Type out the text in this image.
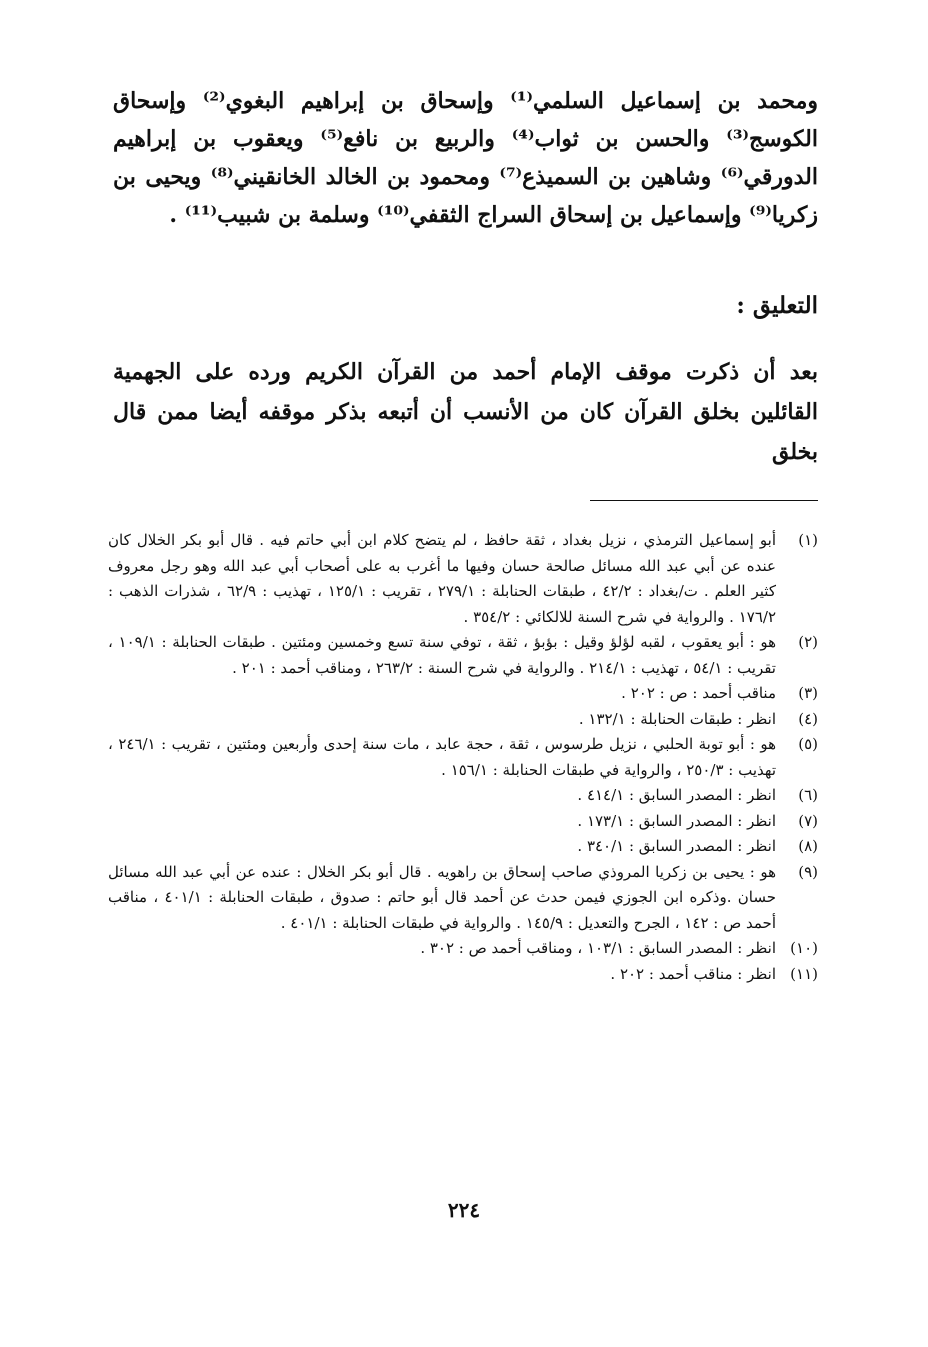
ومحمد بن إسماعيل السلمي⁽¹⁾ وإسحاق بن إبراهيم البغوي⁽²⁾ وإسحاق الكوسج⁽³⁾ والحسن بن ثواب⁽⁴⁾ والربيع بن نافع⁽⁵⁾ ويعقوب بن إبراهيم الدورقي⁽⁶⁾ وشاهين بن السميذع⁽⁷⁾ ومحمود بن الخالد الخانقيني⁽⁸⁾ ويحيى بن زكريا⁽⁹⁾ وإسماعيل بن إسحاق السراج الثقفي⁽¹⁰⁾ وسلمة بن شبيب⁽¹¹⁾ .

التعليق :

بعد أن ذكرت موقف الإمام أحمد من القرآن الكريم ورده على الجهمية القائلين بخلق القرآن كان من الأنسب أن أتبعه بذكر موقفه أيضا ممن قال بخلق

(١)
أبو إسماعيل الترمذي ، نزيل بغداد ، ثقة حافظ ، لم يتضح كلام ابن أبي حاتم فيه . قال أبو بكر الخلال كان عنده عن أبي عبد الله مسائل صالحة حسان وفيها ما أغرب به على أصحاب أبي عبد الله وهو رجل معروف كثير العلم . ت/بغداد : ٤٢/٢ ، طبقات الحنابلة : ٢٧٩/١ ، تقريب : ١٢٥/١ ، تهذيب : ٦٢/٩ ، شذرات الذهب : ١٧٦/٢ . والرواية في شرح السنة للالكائي : ٣٥٤/٢ .
(٢)
هو : أبو يعقوب ، لقبه لؤلؤ وقيل : بؤبؤ ، ثقة ، توفي سنة تسع وخمسين ومئتين . طبقات الحنابلة : ١٠٩/١ ، تقريب : ٥٤/١ ، تهذيب : ٢١٤/١ . والرواية في شرح السنة : ٢٦٣/٢ ، ومناقب أحمد : ٢٠١ .
(٣)
مناقب أحمد : ص : ٢٠٢ .
(٤)
انظر : طبقات الحنابلة : ١٣٢/١ .
(٥)
هو : أبو توبة الحلبي ، نزيل طرسوس ، ثقة ، حجة عابد ، مات سنة إحدى وأربعين ومئتين ، تقريب : ٢٤٦/١ ، تهذيب : ٢٥٠/٣ ، والرواية في طبقات الحنابلة : ١٥٦/١ .
(٦)
انظر : المصدر السابق : ٤١٤/١ .
(٧)
انظر : المصدر السابق : ١٧٣/١ .
(٨)
انظر : المصدر السابق : ٣٤٠/١ .
(٩)
هو : يحيى بن زكريا المروذي صاحب إسحاق بن راهويه . قال أبو بكر الخلال : عنده عن أبي عبد الله مسائل حسان .وذكره ابن الجوزي فيمن حدث عن أحمد قال أبو حاتم : صدوق ، طبقات الحنابلة : ٤٠١/١ ، مناقب أحمد ص : ١٤٢ ، الجرح والتعديل : ١٤٥/٩ . والرواية في طبقات الحنابلة : ٤٠١/١ .
(١٠)
انظر : المصدر السابق : ١٠٣/١ ، ومناقب أحمد ص : ٣٠٢ .
(١١)
انظر : مناقب أحمد : ٢٠٢ .
٢٢٤
